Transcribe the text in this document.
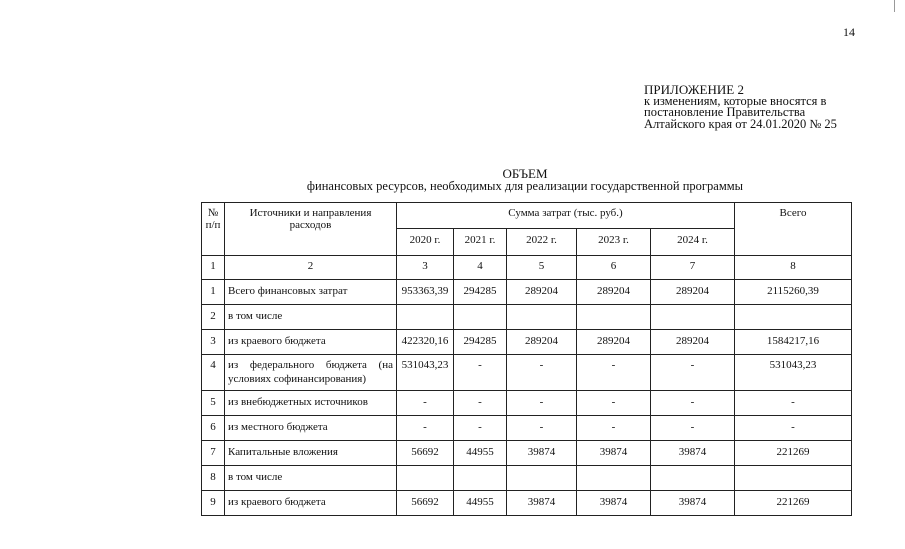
14
ПРИЛОЖЕНИЕ 2
к изменениям, которые вносятся в
постановление Правительства
Алтайского края от 24.01.2020 № 25
ОБЪЕМ
финансовых ресурсов, необходимых для реализации государственной программы
№ п/п	Источники и направления расходов	Сумма затрат (тыс. руб.)					Всего
		2020 г.	2021 г.	2022 г.	2023 г.	2024 г.	
1	2	3	4	5	6	7	8
1	Всего финансовых затрат	953363,39	294285	289204	289204	289204	2115260,39
2	в том числе						
3	из краевого бюджета	422320,16	294285	289204	289204	289204	1584217,16
4	из федерального бюджета (на условиях софинансирования)	531043,23	-	-	-	-	531043,23
5	из внебюджетных источников	-	-	-	-	-	-
6	из местного бюджета	-	-	-	-	-	-
7	Капитальные вложения	56692	44955	39874	39874	39874	221269
8	в том числе						
9	из краевого бюджета	56692	44955	39874	39874	39874	221269
